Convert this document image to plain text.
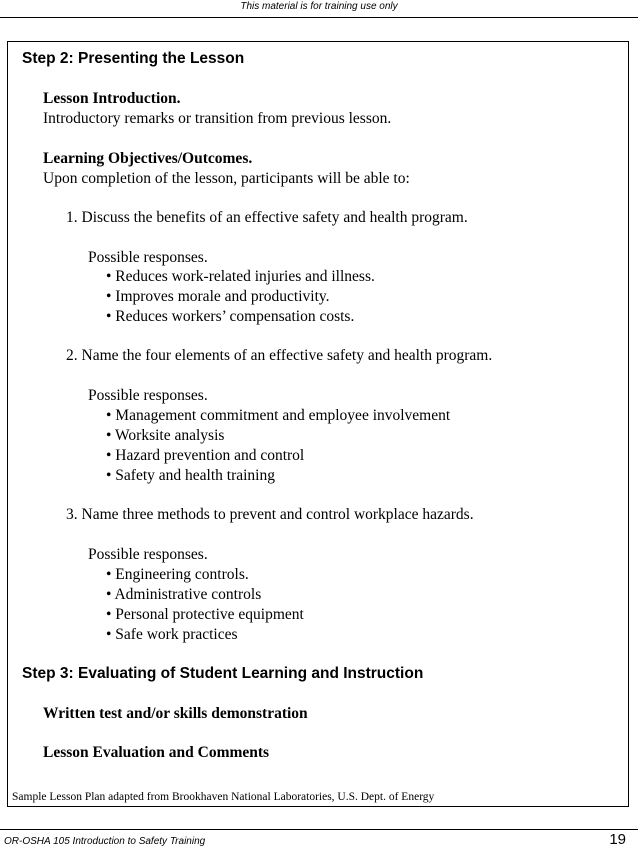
This material is for training use only
Step 2: Presenting the Lesson
Lesson Introduction.
Introductory remarks or transition from previous lesson.
Learning Objectives/Outcomes.
Upon completion of the lesson, participants will be able to:
1. Discuss the benefits of an effective safety and health program.
Possible responses.
• Reduces work-related injuries and illness.
• Improves morale and productivity.
• Reduces workers’ compensation costs.
2. Name the four elements of an effective safety and health program.
Possible responses.
• Management commitment and employee involvement
• Worksite analysis
• Hazard prevention and control
• Safety and health training
3. Name three methods to prevent and control workplace hazards.
Possible responses.
• Engineering controls.
• Administrative controls
• Personal protective equipment
• Safe work practices
Step 3: Evaluating of Student Learning and Instruction
Written test and/or skills demonstration
Lesson Evaluation and Comments
Sample Lesson Plan adapted from Brookhaven National Laboratories, U.S. Dept. of Energy
OR-OSHA 105 Introduction to Safety Training	19
